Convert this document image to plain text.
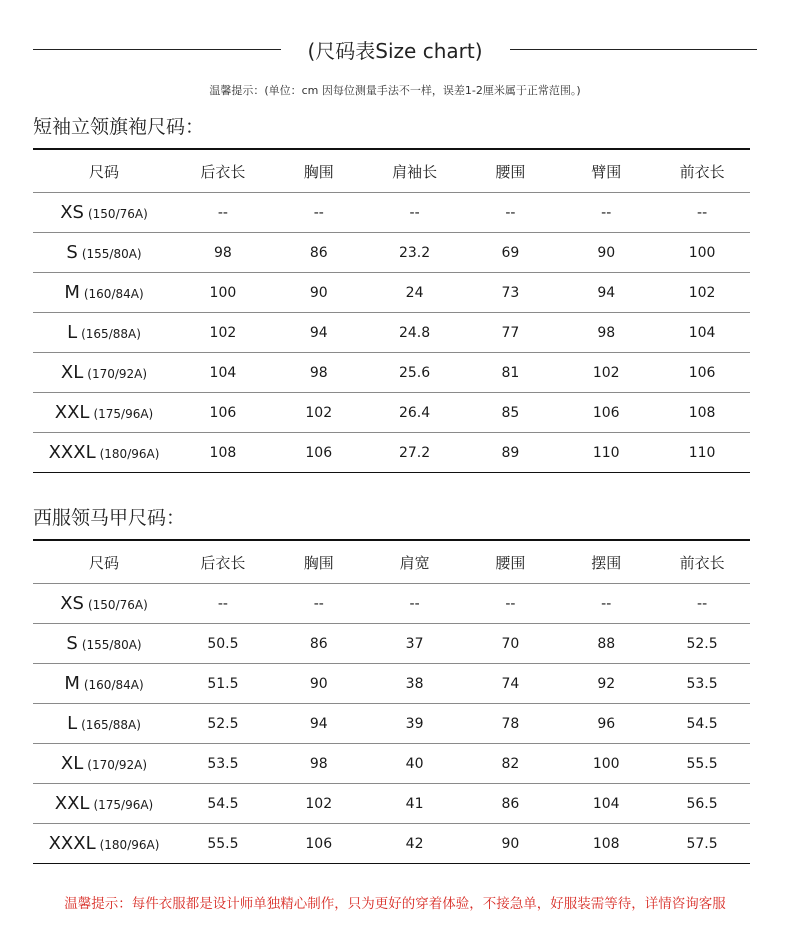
(尺码表Size chart)
温馨提示：(单位：cm 因每位测量手法不一样，误差1-2厘米属于正常范围。)
短袖立领旗袍尺码：
尺码	后衣长	胸围	肩袖长	腰围	臂围	前衣长
XS (150/76A)	--	--	--	--	--	--
S (155/80A)	98	86	23.2	69	90	100
M (160/84A)	100	90	24	73	94	102
L (165/88A)	102	94	24.8	77	98	104
XL (170/92A)	104	98	25.6	81	102	106
XXL (175/96A)	106	102	26.4	85	106	108
XXXL (180/96A)	108	106	27.2	89	110	110
西服领马甲尺码：
尺码	后衣长	胸围	肩宽	腰围	摆围	前衣长
XS (150/76A)	--	--	--	--	--	--
S (155/80A)	50.5	86	37	70	88	52.5
M (160/84A)	51.5	90	38	74	92	53.5
L (165/88A)	52.5	94	39	78	96	54.5
XL (170/92A)	53.5	98	40	82	100	55.5
XXL (175/96A)	54.5	102	41	86	104	56.5
XXXL (180/96A)	55.5	106	42	90	108	57.5
温馨提示：每件衣服都是设计师单独精心制作，只为更好的穿着体验，不接急单，好服装需等待，详情咨询客服
